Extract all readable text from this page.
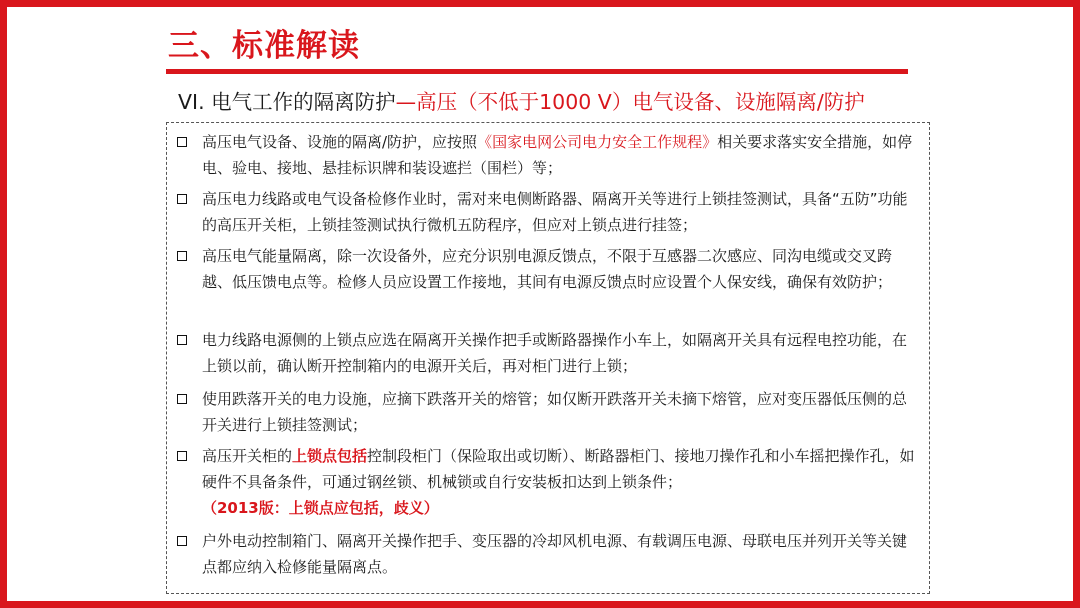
三、标准解读
VI. 电气工作的隔离防护—高压（不低于1000 V）电气设备、设施隔离/防护
高压电气设备、设施的隔离/防护，应按照《国家电网公司电力安全工作规程》相关要求落实安全措施，如停电、验电、接地、悬挂标识牌和装设遮拦（围栏）等；
高压电力线路或电气设备检修作业时，需对来电侧断路器、隔离开关等进行上锁挂签测试，具备“五防”功能的高压开关柜，上锁挂签测试执行微机五防程序，但应对上锁点进行挂签；
高压电气能量隔离，除一次设备外，应充分识别电源反馈点，不限于互感器二次感应、同沟电缆或交叉跨越、低压馈电点等。检修人员应设置工作接地，其间有电源反馈点时应设置个人保安线，确保有效防护；
电力线路电源侧的上锁点应选在隔离开关操作把手或断路器操作小车上，如隔离开关具有远程电控功能，在上锁以前，确认断开控制箱内的电源开关后，再对柜门进行上锁；
使用跌落开关的电力设施，应摘下跌落开关的熔管；如仅断开跌落开关未摘下熔管，应对变压器低压侧的总开关进行上锁挂签测试；
高压开关柜的上锁点包括控制段柜门（保险取出或切断）、断路器柜门、接地刀操作孔和小车摇把操作孔，如硬件不具备条件，可通过钢丝锁、机械锁或自行安装板扣达到上锁条件； （2013版：上锁点应包括，歧义）
户外电动控制箱门、隔离开关操作把手、变压器的冷却风机电源、有载调压电源、母联电压并列开关等关键点都应纳入检修能量隔离点。
